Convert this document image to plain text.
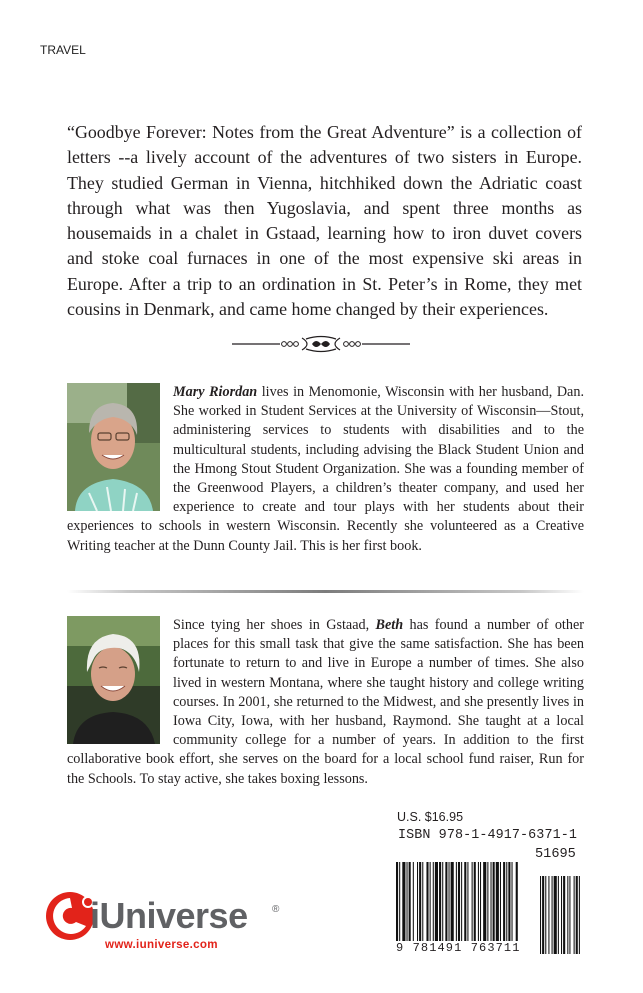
TRAVEL

“Goodbye Forever: Notes from the Great Adventure” is a collection of letters --a lively account of the adventures of two sisters in Europe. They studied German in Vienna, hitchhiked down the Adriatic coast through what was then Yugoslavia, and spent three months as housemaids in a chalet in Gstaad, learning how to iron duvet covers and stoke coal furnaces in one of the most expensive ski areas in Europe. After a trip to an ordination in St. Peter’s in Rome, they met cousins in Denmark, and came home changed by their experiences.

Mary Riordan lives in Menomonie, Wisconsin with her husband, Dan. She worked in Student Services at the University of Wisconsin—Stout, administering services to students with disabilities and to the multicultural students, including advising the Black Student Union and the Hmong Stout Student Organization. She was a founding member of the Greenwood Players, a children’s theater company, and used her experience to create and tour plays with her students about their experiences to schools in western Wisconsin. Recently she volunteered as a Creative Writing teacher at the Dunn County Jail. This is her first book.

Since tying her shoes in Gstaad, Beth has found a number of other places for this small task that give the same satisfaction. She has been fortunate to return to and live in Europe a number of times. She also lived in western Montana, where she taught history and college writing courses. In 2001, she returned to the Midwest, and she presently lives in Iowa City, Iowa, with her husband, Raymond. She taught at a local community college for a number of years. In addition to the first collaborative book effort, she serves on the board for a local school fund raiser, Run for the Schools. To stay active, she takes boxing lessons.

U.S. $16.95
ISBN 978-1-4917-6371-1
51695
9 781491 763711
iUniverse ®
www.iuniverse.com
